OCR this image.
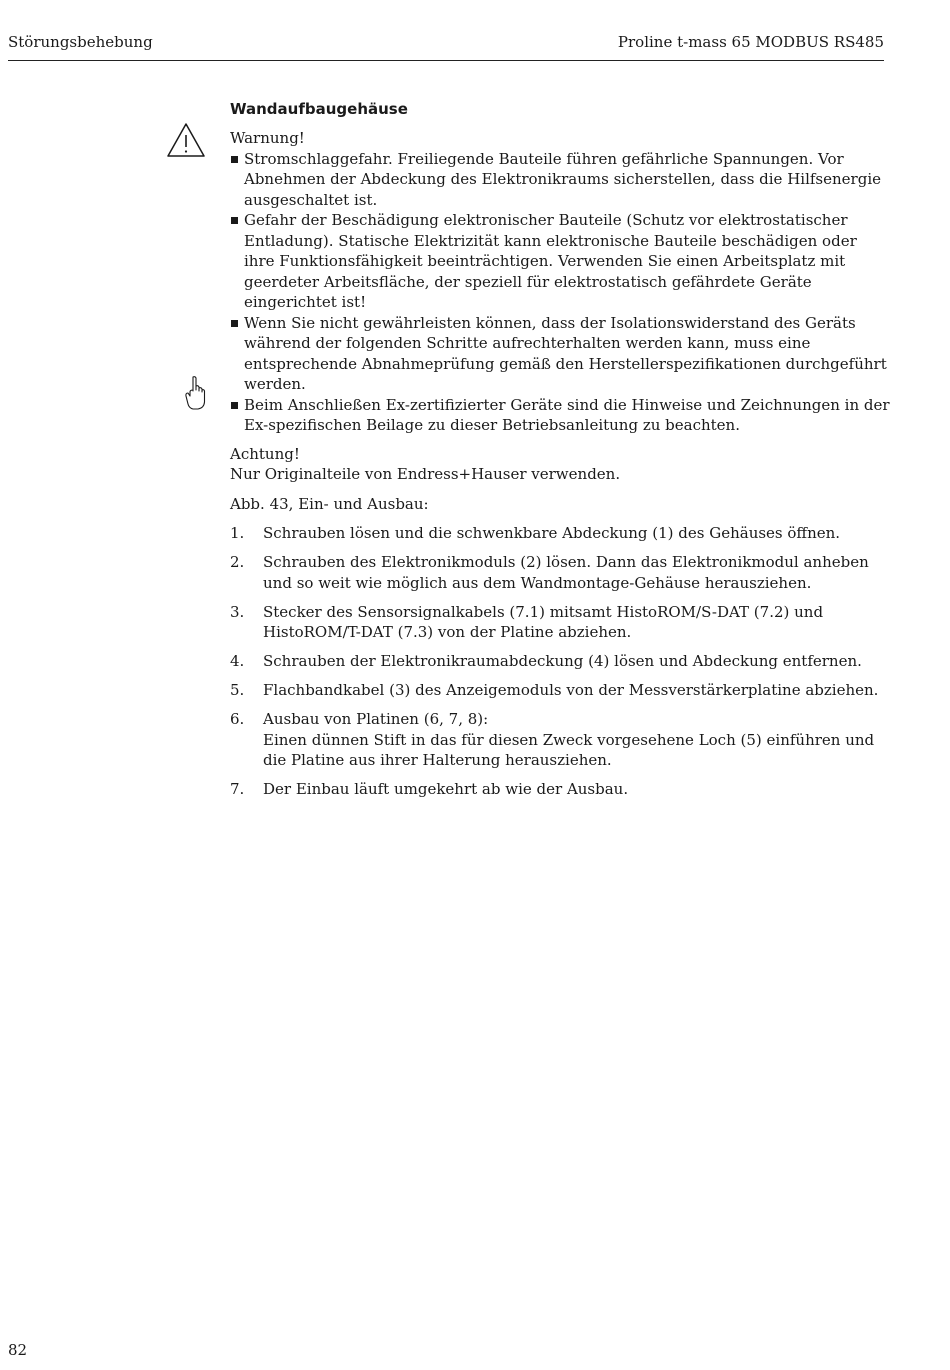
Störungsbehebung	Proline t-mass 65 MODBUS RS485
Wandaufbaugehäuse
Warnung!
Stromschlaggefahr. Freiliegende Bauteile führen gefährliche Spannungen. Vor Abnehmen der Abdeckung des Elektronikraums sicherstellen, dass die Hilfsenergie ausgeschaltet ist.
Gefahr der Beschädigung elektronischer Bauteile (Schutz vor elektrostatischer Entladung). Statische Elektrizität kann elektronische Bauteile beschädigen oder ihre Funktionsfähigkeit beeinträchtigen. Verwenden Sie einen Arbeitsplatz mit geerdeter Arbeitsfläche, der speziell für elektrostatisch gefährdete Geräte eingerichtet ist!
Wenn Sie nicht gewährleisten können, dass der Isolationswiderstand des Geräts während der folgenden Schritte aufrechterhalten werden kann, muss eine entsprechende Abnahmeprüfung gemäß den Herstellerspezifikationen durchgeführt werden.
Beim Anschließen Ex-zertifizierter Geräte sind die Hinweise und Zeichnungen in der Ex-spezifischen Beilage zu dieser Betriebsanleitung zu beachten.
Achtung!
Nur Originalteile von Endress+Hauser verwenden.
Abb. 43, Ein- und Ausbau:
1. Schrauben lösen und die schwenkbare Abdeckung (1) des Gehäuses öffnen.
2. Schrauben des Elektronikmoduls (2) lösen. Dann das Elektronikmodul anheben und so weit wie möglich aus dem Wandmontage-Gehäuse herausziehen.
3. Stecker des Sensorsignalkabels (7.1) mitsamt HistoROM/S-DAT (7.2) und HistoROM/T-DAT (7.3) von der Platine abziehen.
4. Schrauben der Elektronikraumabdeckung (4) lösen und Abdeckung entfernen.
5. Flachbandkabel (3) des Anzeigemoduls von der Messverstärkerplatine abziehen.
6. Ausbau von Platinen (6, 7, 8):
Einen dünnen Stift in das für diesen Zweck vorgesehene Loch (5) einführen und die Platine aus ihrer Halterung herausziehen.
7. Der Einbau läuft umgekehrt ab wie der Ausbau.
82
